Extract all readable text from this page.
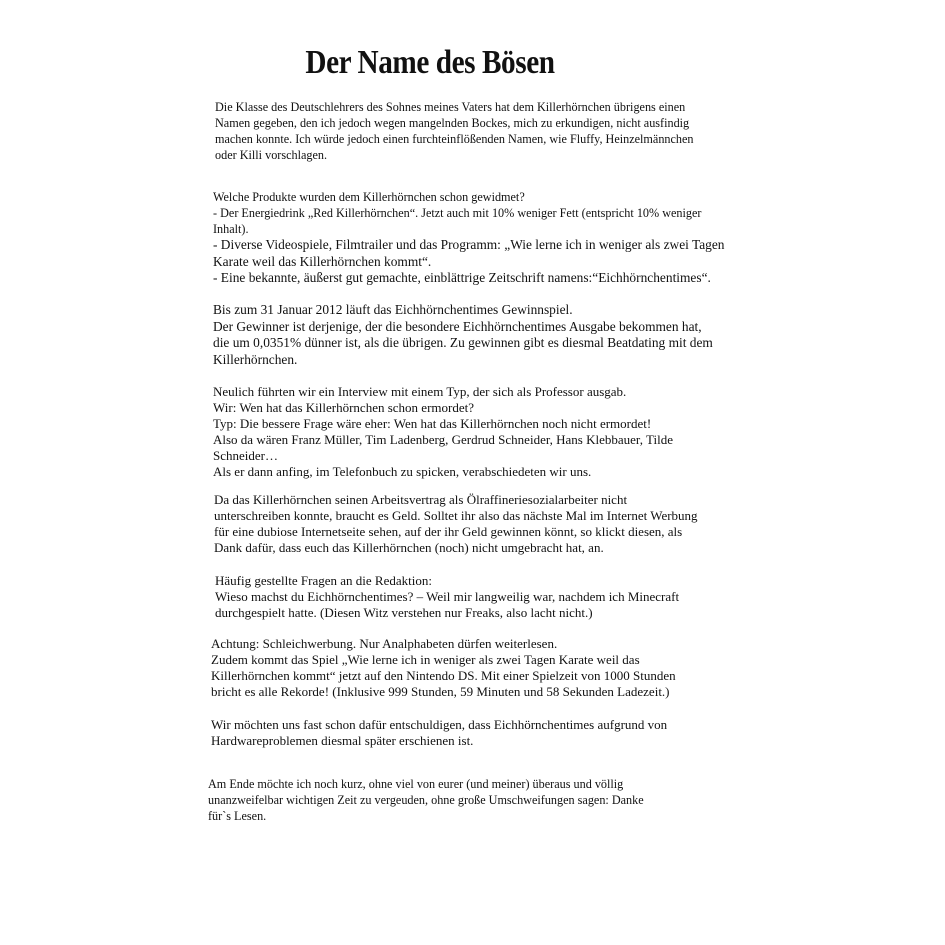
Der Name des Bösen
Die Klasse des Deutschlehrers des Sohnes meines Vaters hat dem Killerhörnchen übrigens einen
Namen gegeben, den ich jedoch wegen mangelnden Bockes, mich zu erkundigen, nicht ausfindig
machen konnte. Ich würde jedoch einen furchteinflößenden Namen, wie Fluffy, Heinzelmännchen
oder Killi vorschlagen.
Welche Produkte wurden dem Killerhörnchen schon gewidmet?
- Der Energiedrink „Red Killerhörnchen“. Jetzt auch mit 10% weniger Fett (entspricht 10% weniger
Inhalt).
- Diverse Videospiele, Filmtrailer und das Programm: „Wie lerne ich in weniger als zwei Tagen
Karate weil das Killerhörnchen kommt“.
- Eine bekannte, äußerst gut gemachte, einblättrige Zeitschrift namens:“Eichhörnchentimes“.
Bis zum 31 Januar 2012 läuft das Eichhörnchentimes Gewinnspiel.
Der Gewinner ist derjenige, der die besondere Eichhörnchentimes Ausgabe bekommen hat,
die um 0,0351% dünner ist, als die übrigen. Zu gewinnen gibt es diesmal Beatdating mit dem
Killerhörnchen.
Neulich führten wir ein Interview mit einem Typ, der sich als Professor ausgab.
Wir: Wen hat das Killerhörnchen schon ermordet?
Typ: Die bessere Frage wäre eher: Wen hat das Killerhörnchen noch nicht ermordet!
Also da wären Franz Müller, Tim Ladenberg, Gerdrud Schneider, Hans Klebbauer, Tilde
Schneider…
Als er dann anfing, im Telefonbuch zu spicken, verabschiedeten wir uns.
Da das Killerhörnchen seinen Arbeitsvertrag als Ölraffineriesozialarbeiter nicht
unterschreiben konnte, braucht es Geld. Solltet ihr also das nächste Mal im Internet Werbung
für eine dubiose Internetseite sehen, auf der ihr Geld gewinnen könnt, so klickt diesen, als
Dank dafür, dass euch das Killerhörnchen (noch) nicht umgebracht hat, an.
Häufig gestellte Fragen an die Redaktion:
Wieso machst du Eichhörnchentimes? – Weil mir langweilig war, nachdem ich Minecraft
durchgespielt hatte. (Diesen Witz verstehen nur Freaks, also lacht nicht.)
Achtung: Schleichwerbung. Nur Analphabeten dürfen weiterlesen.
Zudem kommt das Spiel „Wie lerne ich in weniger als zwei Tagen Karate weil das
Killerhörnchen kommt“ jetzt auf den Nintendo DS. Mit einer Spielzeit von 1000 Stunden
bricht es alle Rekorde! (Inklusive 999 Stunden, 59 Minuten und 58 Sekunden Ladezeit.)
Wir möchten uns fast schon dafür entschuldigen, dass Eichhörnchentimes aufgrund von
Hardwareproblemen diesmal später erschienen ist.
Am Ende möchte ich noch kurz, ohne viel von eurer (und meiner) überaus und völlig
unanzweifelbar wichtigen Zeit zu vergeuden, ohne große Umschweifungen sagen: Danke
für`s Lesen.
